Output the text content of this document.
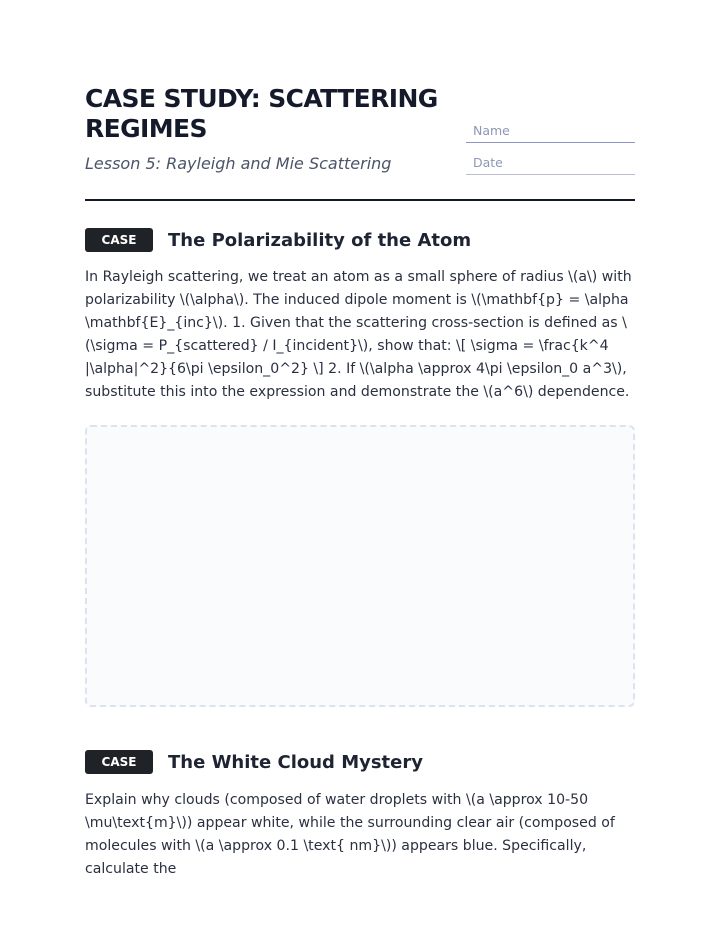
CASE STUDY: SCATTERING REGIMES
Lesson 5: Rayleigh and Mie Scattering
Name
Date
CASE 01
The Polarizability of the Atom

In Rayleigh scattering, we treat an atom as a small sphere of radius \(a\) with polarizability \(\alpha\). The induced dipole moment is \(\mathbf{p} = \alpha \mathbf{E}_{inc}\). 1. Given that the scattering cross-section is defined as \(\sigma = P_{scattered} / I_{incident}\), show that: \[ \sigma = \frac{k^4 |\alpha|^2}{6\pi \epsilon_0^2} \] 2. If \(\alpha \approx 4\pi \epsilon_0 a^3\), substitute this into the expression and demonstrate the \(a^6\) dependence.

CASE 02
The White Cloud Mystery

Explain why clouds (composed of water droplets with \(a \approx 10-50 \mu\text{m}\)) appear white, while the surrounding clear air (composed of molecules with \(a \approx 0.1 \text{ nm}\)) appears blue. Specifically, calculate the
